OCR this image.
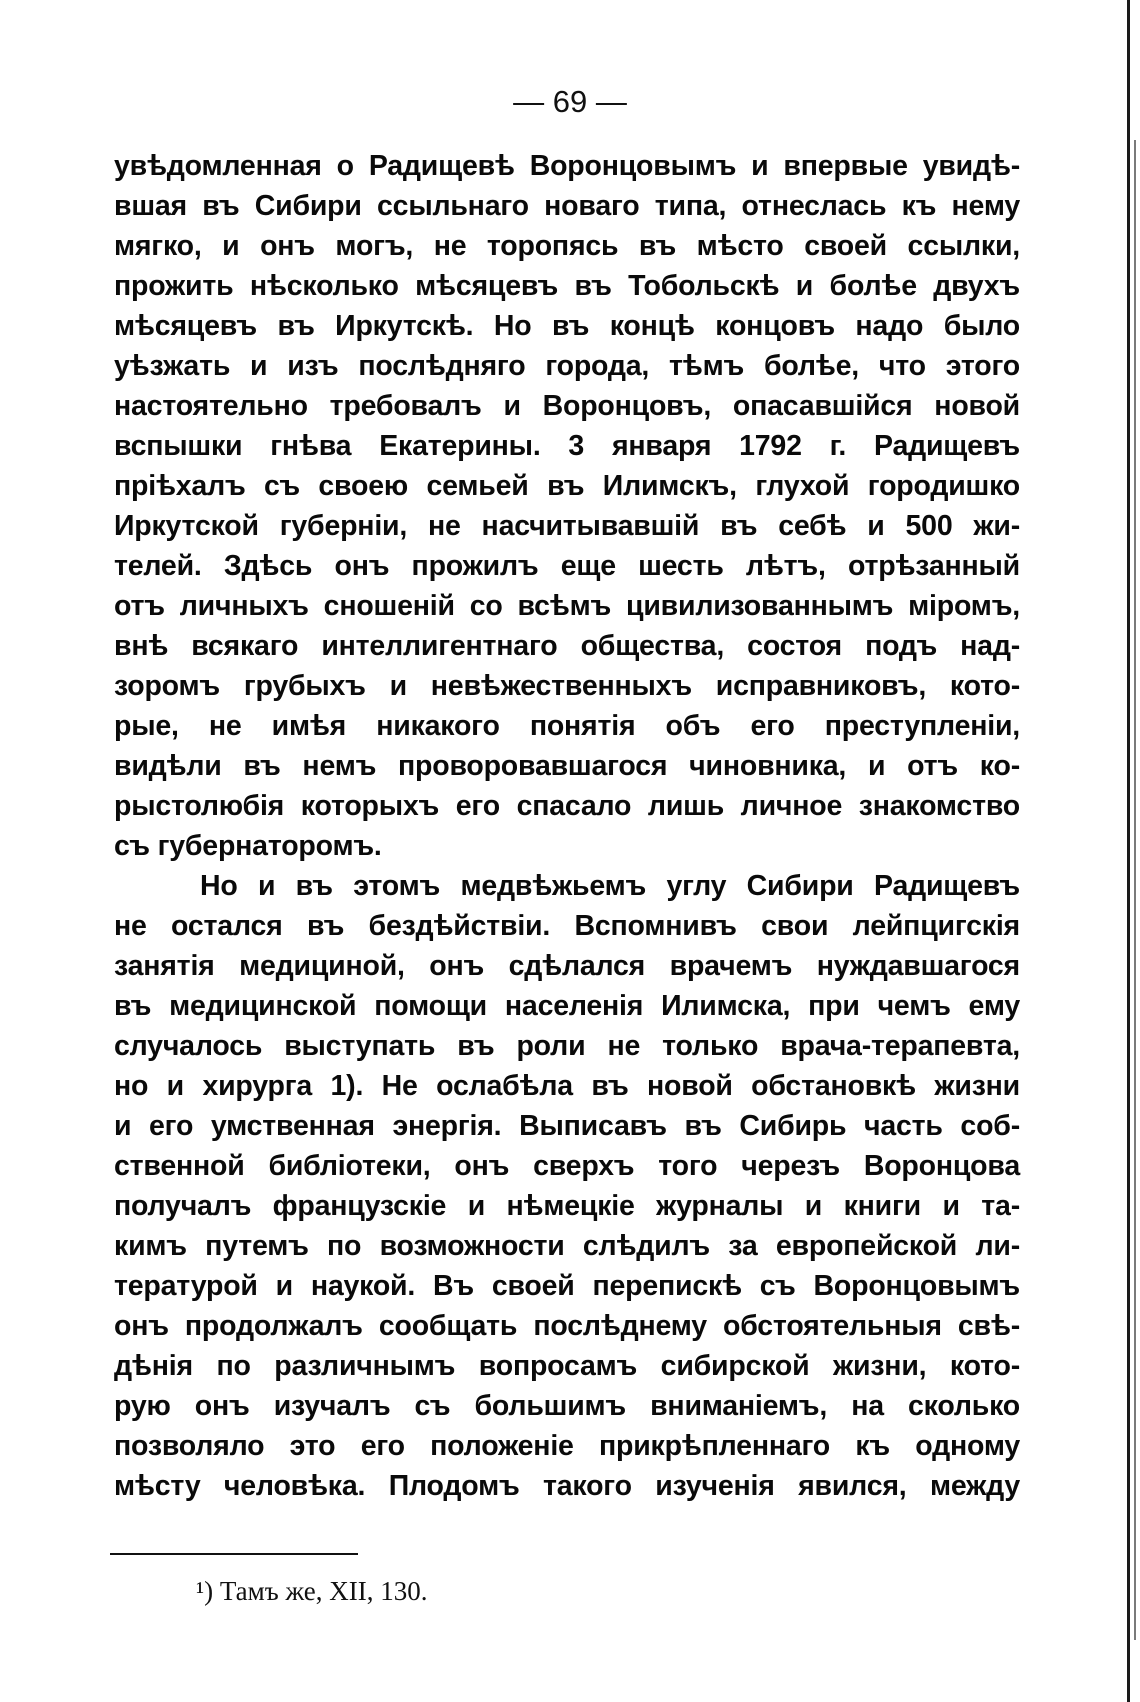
— 69 —
увѣдомленная о Радищевѣ Воронцовымъ и впервые увидѣ-
вшая въ Сибири ссыльнаго новаго типа, отнеслась къ нему
мягко, и онъ могъ, не торопясь въ мѣсто своей ссылки,
прожить нѣсколько мѣсяцевъ въ Тобольскѣ и болѣе двухъ
мѣсяцевъ въ Иркутскѣ. Но въ концѣ концовъ надо было
уѣзжать и изъ послѣдняго города, тѣмъ болѣе, что этого
настоятельно требовалъ и Воронцовъ, опасавшійся новой
вспышки гнѣва Екатерины. 3 января 1792 г. Радищевъ
пріѣхалъ съ своею семьей въ Илимскъ, глухой городишко
Иркутской губерніи, не насчитывавшій въ себѣ и 500 жи-
телей. Здѣсь онъ прожилъ еще шесть лѣтъ, отрѣзанный
отъ личныхъ сношеній со всѣмъ цивилизованнымъ міромъ,
внѣ всякаго интеллигентнаго общества, состоя подъ над-
зоромъ грубыхъ и невѣжественныхъ исправниковъ, кото-
рые, не имѣя никакого понятія объ его преступленіи,
видѣли въ немъ проворовавшагося чиновника, и отъ ко-
рыстолюбія которыхъ его спасало лишь личное знакомство
съ губернаторомъ.
Но и въ этомъ медвѣжьемъ углу Сибири Радищевъ
не остался въ бездѣйствіи. Вспомнивъ свои лейпцигскія
занятія медициной, онъ сдѣлался врачемъ нуждавшагося
въ медицинской помощи населенія Илимска, при чемъ ему
случалось выступать въ роли не только врача-терапевта,
но и хирурга 1). Не ослабѣла въ новой обстановкѣ жизни
и его умственная энергія. Выписавъ въ Сибирь часть соб-
ственной библіотеки, онъ сверхъ того черезъ Воронцова
получалъ французскіе и нѣмецкіе журналы и книги и та-
кимъ путемъ по возможности слѣдилъ за европейской ли-
тературой и наукой. Въ своей перепискѣ съ Воронцовымъ
онъ продолжалъ сообщать послѣднему обстоятельныя свѣ-
дѣнія по различнымъ вопросамъ сибирской жизни, кото-
рую онъ изучалъ съ большимъ вниманіемъ, на сколько
позволяло это его положеніе прикрѣпленнаго къ одному
мѣсту человѣка. Плодомъ такого изученія явился, между
¹) Тамъ же, XII, 130.
